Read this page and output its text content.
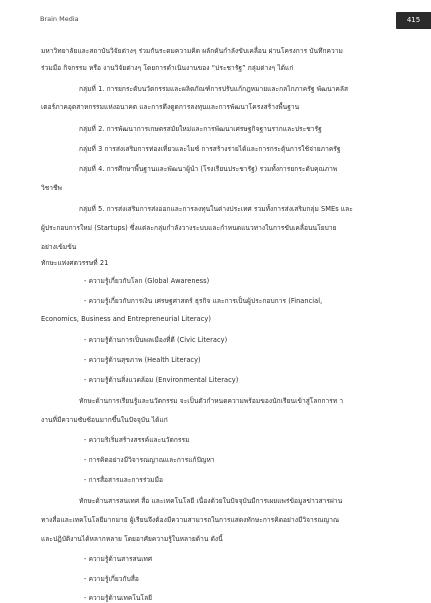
Brain Media	415
มหาวิทยาลัยและสถาบันวิจัยต่างๆ ร่วมกันระดมความคิด ผลักดันกำลังขับเคลื่อน ผ่านโครงการ บันทึกความ
ร่วมมือ กิจกรรม หรือ งานวิจัยต่างๆ โดยการดำเนินงานของ “ประชารัฐ” กลุ่มต่างๆ ได้แก่
กลุ่มที่ 1. การยกระดับนวัตกรรมและผลิตภัณฑ์การปรับแก้กฎหมายและกลไกภาครัฐ พัฒนาคลัส
เตอร์ภาคอุตสาหกรรมแห่งอนาคต และการดึงดูดการลงทุนและการพัฒนาโครงสร้างพื้นฐาน
กลุ่มที่ 2. การพัฒนาการเกษตรสมัยใหม่และการพัฒนาเศรษฐกิจฐานรากและประชารัฐ
กลุ่มที่ 3 การส่งเสริมการท่องเที่ยวและไมซ์ การสร้างรายได้และการกระตุ้นการใช้จ่ายภาครัฐ
กลุ่มที่ 4. การศึกษาพื้นฐานและพัฒนาผู้นำ (โรงเรียนประชารัฐ) รวมทั้งการยกระดับคุณภาพ
วิชาชีพ
กลุ่มที่ 5. การส่งเสริมการส่งออกและการลงทุนในต่างประเทศ รวมทั้งการส่งเสริมกลุ่ม SMEs และ
ผู้ประกอบการใหม่ (Startups) ซึ่งแต่ละกลุ่มกำลังวางระบบและกำหนดแนวทางในการขับเคลื่อนนโยบาย
อย่างเข้มข้น
ทักษะแห่งศตวรรษที่ 21
- ความรู้เกี่ยวกับโลก (Global Awareness)
- ความรู้เกี่ยวกับการเงิน เศรษฐศาสตร์ ธุรกิจ และการเป็นผู้ประกอบการ (Financial,
Economics, Business and Entrepreneurial Literacy)
- ความรู้ด้านการเป็นพลเมืองที่ดี (Civic Literacy)
- ความรู้ด้านสุขภาพ (Health Literacy)
- ความรู้ด้านสิ่งแวดล้อม (Environmental Literacy)
ทักษะด้านการเรียนรู้และนวัตกรรม จะเป็นตัวกำหนดความพร้อมของนักเรียนเข้าสู่โลกการท า
งานที่มีความซับซ้อนมากขึ้นในปัจจุบัน ได้แก่
- ความริเริ่มสร้างสรรค์และนวัตกรรม
- การคิดอย่างมีวิจารณญาณและการแก้ปัญหา
- การสื่อสารและการร่วมมือ
ทักษะด้านสารสนเทศ สื่อ และเทคโนโลยี เนื่องด้วยในปัจจุบันมีการเผยแพร่ข้อมูลข่าวสารผ่าน
ทางสื่อและเทคโนโลยีมากมาย ผู้เรียนจึงต้องมีความสามารถในการแสดงทักษะการคิดอย่างมีวิจารณญาณ
และปฏิบัติงานได้หลากหลาย โดยอาศัยความรู้ในหลายด้าน ดังนี้
- ความรู้ด้านสารสนเทศ
- ความรู้เกี่ยวกับสื่อ
- ความรู้ด้านเทคโนโลยี
